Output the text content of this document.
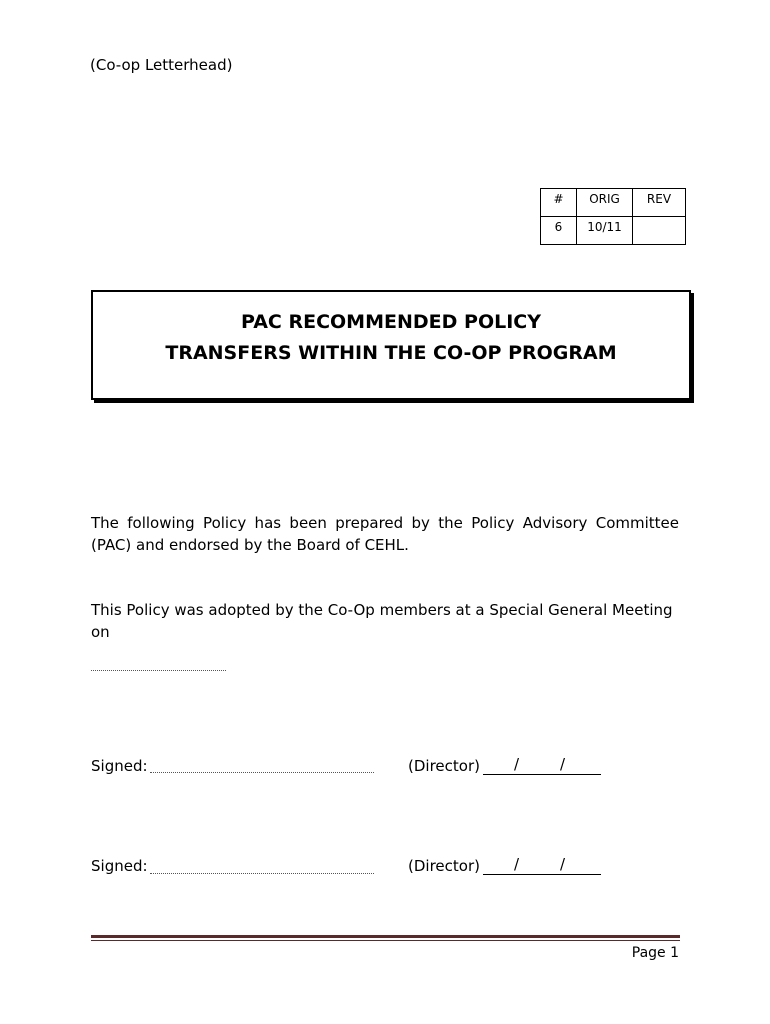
(Co-op Letterhead)
#	ORIG	REV
6	10/11	
PAC RECOMMENDED POLICY
TRANSFERS WITHIN THE CO-OP PROGRAM
The following Policy has been prepared by the Policy Advisory Committee (PAC) and endorsed by the Board of CEHL.
This Policy was adopted by the Co-Op members at a Special General Meeting on
Signed:	(Director) /	/
Signed:	(Director) /	/
Page 1
